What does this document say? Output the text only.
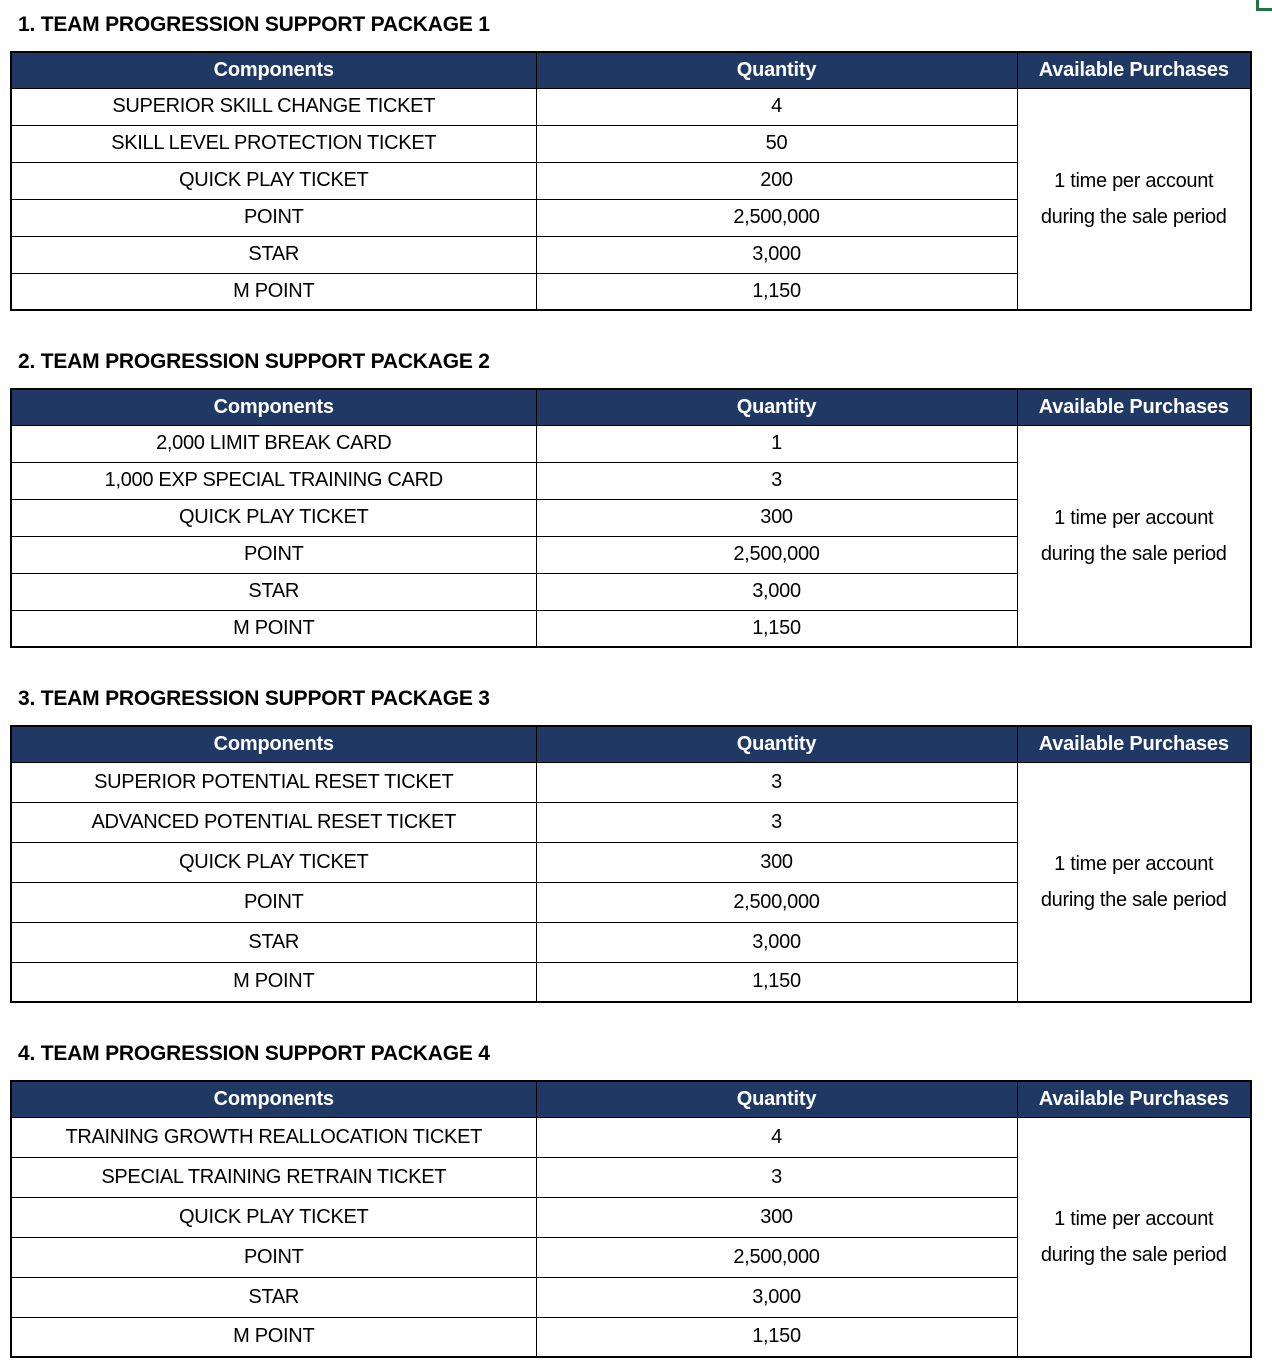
1. TEAM PROGRESSION SUPPORT PACKAGE 1
Components	Quantity	Available Purchases
SUPERIOR SKILL CHANGE TICKET	4	1 time per account
during the sale period

SKILL LEVEL PROTECTION TICKET	50	
QUICK PLAY TICKET	200	
POINT	2,500,000	
STAR	3,000	
M POINT	1,150	
2. TEAM PROGRESSION SUPPORT PACKAGE 2
Components	Quantity	Available Purchases
2,000 LIMIT BREAK CARD	1	1 time per account
during the sale period

1,000 EXP SPECIAL TRAINING CARD	3	
QUICK PLAY TICKET	300	
POINT	2,500,000	
STAR	3,000	
M POINT	1,150	
3. TEAM PROGRESSION SUPPORT PACKAGE 3
Components	Quantity	Available Purchases
SUPERIOR POTENTIAL RESET TICKET	3	1 time per account
during the sale period

ADVANCED POTENTIAL RESET TICKET	3	
QUICK PLAY TICKET	300	
POINT	2,500,000	
STAR	3,000	
M POINT	1,150	
4. TEAM PROGRESSION SUPPORT PACKAGE 4
Components	Quantity	Available Purchases
TRAINING GROWTH REALLOCATION TICKET	4	1 time per account
during the sale period

SPECIAL TRAINING RETRAIN TICKET	3	
QUICK PLAY TICKET	300	
POINT	2,500,000	
STAR	3,000	
M POINT	1,150	
